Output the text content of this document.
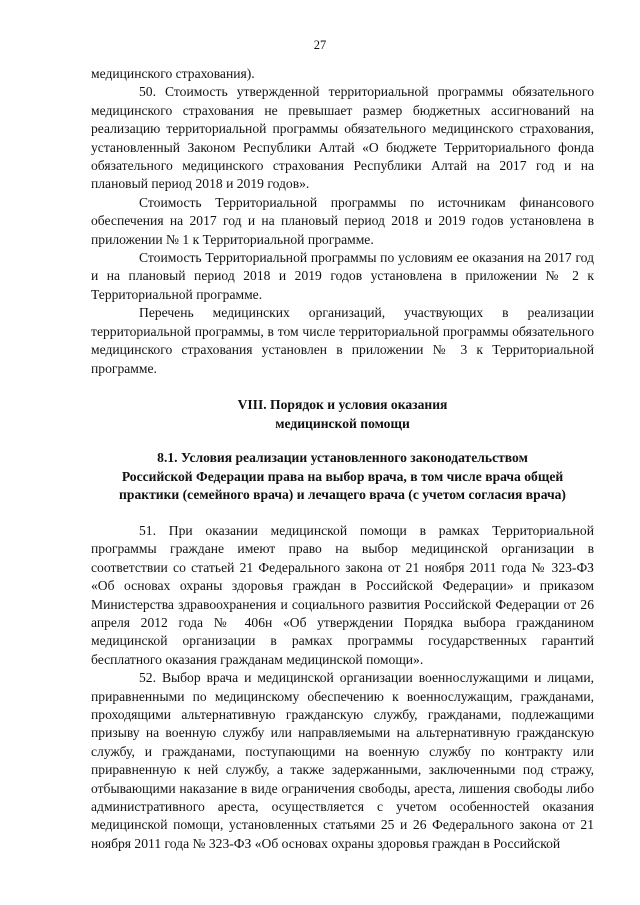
27

медицинского страхования).

50. Стоимость утвержденной территориальной программы обязательного медицинского страхования не превышает размер бюджетных ассигнований на реализацию территориальной программы обязательного медицинского страхования, установленный Законом Республики Алтай «О бюджете Территориального фонда обязательного медицинского страхования Республики Алтай на 2017 год и на плановый период 2018 и 2019 годов».

Стоимость Территориальной программы по источникам финансового обеспечения на 2017 год и на плановый период 2018 и 2019 годов установлена в приложении № 1 к Территориальной программе.

Стоимость Территориальной программы по условиям ее оказания на 2017 год и на плановый период 2018 и 2019 годов установлена в приложении № 2 к Территориальной программе.

Перечень медицинских организаций, участвующих в реализации территориальной программы, в том числе территориальной программы обязательного медицинского страхования установлен в приложении № 3 к Территориальной программе.

VIII. Порядок и условия оказания
медицинской помощи
8.1. Условия реализации установленного законодательством
Российской Федерации права на выбор врача, в том числе врача общей
практики (семейного врача) и лечащего врача (с учетом согласия врача)

51. При оказании медицинской помощи в рамках Территориальной программы граждане имеют право на выбор медицинской организации в соответствии со статьей 21 Федерального закона от 21 ноября 2011 года № 323-ФЗ «Об основах охраны здоровья граждан в Российской Федерации» и приказом Министерства здравоохранения и социального развития Российской Федерации от 26 апреля 2012 года № 406н «Об утверждении Порядка выбора гражданином медицинской организации в рамках программы государственных гарантий бесплатного оказания гражданам медицинской помощи».

52. Выбор врача и медицинской организации военнослужащими и лицами, приравненными по медицинскому обеспечению к военнослужащим, гражданами, проходящими альтернативную гражданскую службу, гражданами, подлежащими призыву на военную службу или направляемыми на альтернативную гражданскую службу, и гражданами, поступающими на военную службу по контракту или приравненную к ней службу, а также задержанными, заключенными под стражу, отбывающими наказание в виде ограничения свободы, ареста, лишения свободы либо административного ареста, осуществляется с учетом особенностей оказания медицинской помощи, установленных статьями 25 и 26 Федерального закона от 21 ноября 2011 года № 323-ФЗ «Об основах охраны здоровья граждан в Российской
